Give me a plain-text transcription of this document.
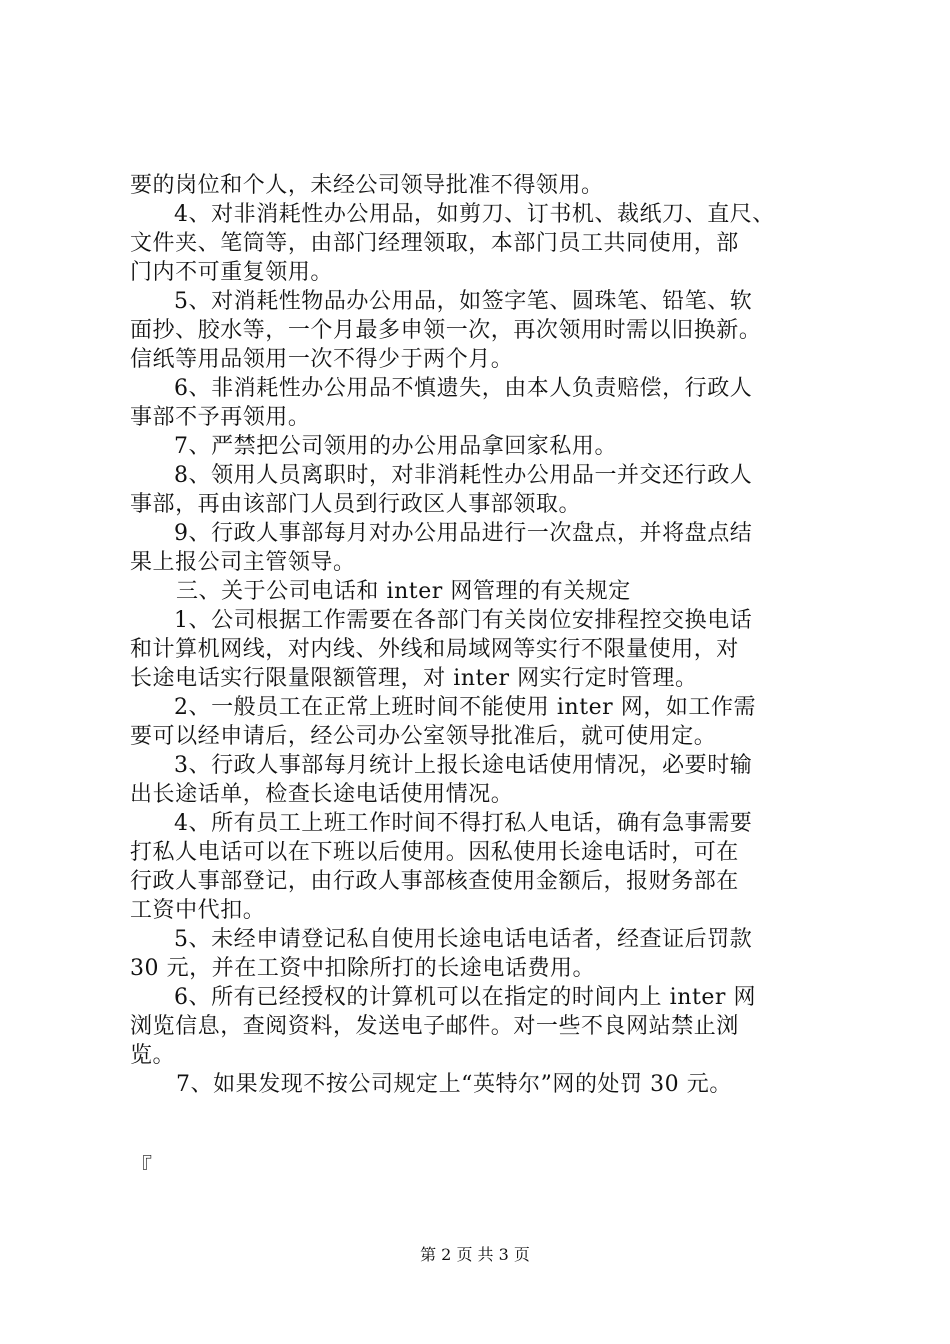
要的岗位和个人，未经公司领导批准不得领用。
4、对非消耗性办公用品，如剪刀、订书机、裁纸刀、直尺、
文件夹、笔筒等，由部门经理领取，本部门员工共同使用，部
门内不可重复领用。
5、对消耗性物品办公用品，如签字笔、圆珠笔、铅笔、软
面抄、胶水等，一个月最多申领一次，再次领用时需以旧换新。
信纸等用品领用一次不得少于两个月。
6、非消耗性办公用品不慎遗失，由本人负责赔偿，行政人
事部不予再领用。
7、严禁把公司领用的办公用品拿回家私用。
8、领用人员离职时，对非消耗性办公用品一并交还行政人
事部，再由该部门人员到行政区人事部领取。
9、行政人事部每月对办公用品进行一次盘点，并将盘点结
果上报公司主管领导。
三、关于公司电话和 inter 网管理的有关规定
1、公司根据工作需要在各部门有关岗位安排程控交换电话
和计算机网线，对内线、外线和局域网等实行不限量使用，对
长途电话实行限量限额管理，对 inter 网实行定时管理。
2、一般员工在正常上班时间不能使用 inter 网，如工作需
要可以经申请后，经公司办公室领导批准后，就可使用定。
3、行政人事部每月统计上报长途电话使用情况，必要时输
出长途话单，检查长途电话使用情况。
4、所有员工上班工作时间不得打私人电话，确有急事需要
打私人电话可以在下班以后使用。因私使用长途电话时，可在
行政人事部登记，由行政人事部核查使用金额后，报财务部在
工资中代扣。
5、未经申请登记私自使用长途电话电话者，经查证后罚款
30 元，并在工资中扣除所打的长途电话费用。
6、所有已经授权的计算机可以在指定的时间内上 inter 网
浏览信息，查阅资料，发送电子邮件。对一些不良网站禁止浏
览。
7、如果发现不按公司规定上“英特尔”网的处罚 30 元。
『
第 2 页 共 3 页
